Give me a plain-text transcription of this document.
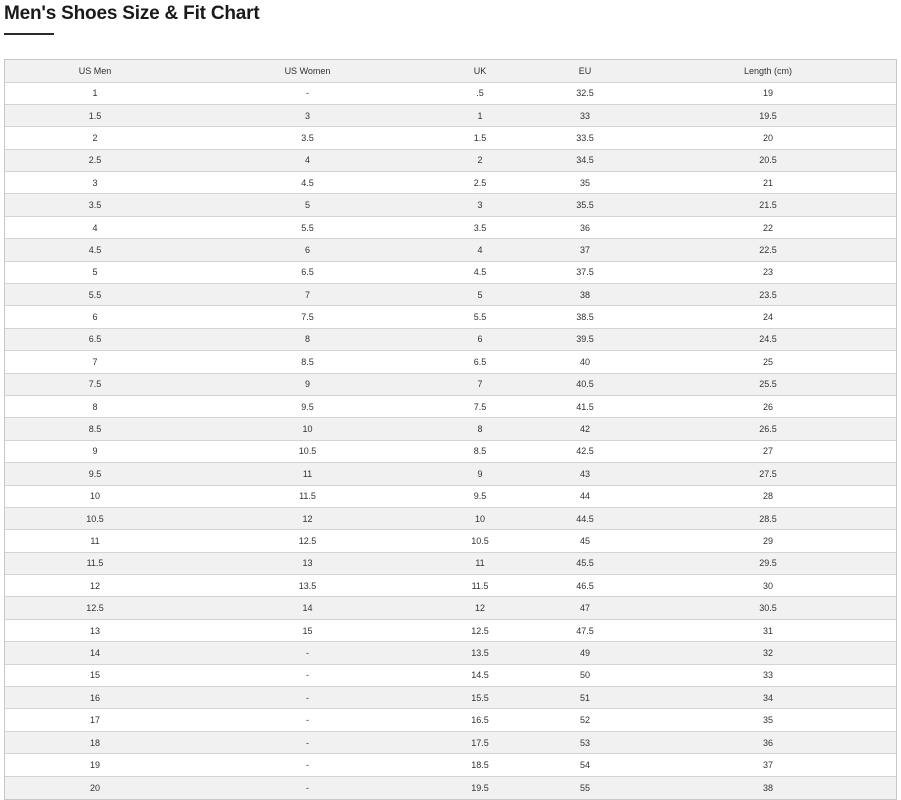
Men's Shoes Size & Fit Chart
US Men	US Women	UK	EU	Length (cm)
1	-	.5	32.5	19
1.5	3	1	33	19.5
2	3.5	1.5	33.5	20
2.5	4	2	34.5	20.5
3	4.5	2.5	35	21
3.5	5	3	35.5	21.5
4	5.5	3.5	36	22
4.5	6	4	37	22.5
5	6.5	4.5	37.5	23
5.5	7	5	38	23.5
6	7.5	5.5	38.5	24
6.5	8	6	39.5	24.5
7	8.5	6.5	40	25
7.5	9	7	40.5	25.5
8	9.5	7.5	41.5	26
8.5	10	8	42	26.5
9	10.5	8.5	42.5	27
9.5	11	9	43	27.5
10	11.5	9.5	44	28
10.5	12	10	44.5	28.5
11	12.5	10.5	45	29
11.5	13	11	45.5	29.5
12	13.5	11.5	46.5	30
12.5	14	12	47	30.5
13	15	12.5	47.5	31
14	-	13.5	49	32
15	-	14.5	50	33
16	-	15.5	51	34
17	-	16.5	52	35
18	-	17.5	53	36
19	-	18.5	54	37
20	-	19.5	55	38
